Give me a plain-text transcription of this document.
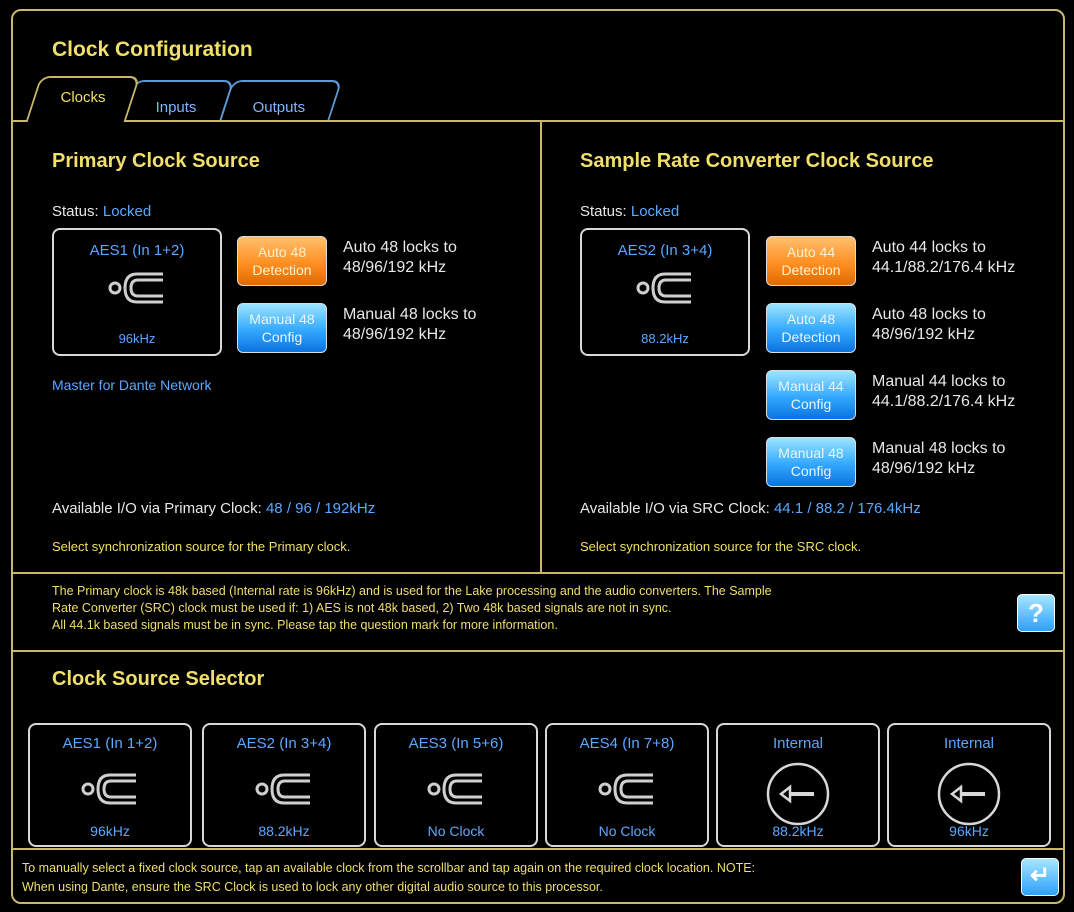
Clock Configuration
Inputs	Outputs
Clocks
Primary Clock Source
Status: Locked
AES1 (In 1+2)
96kHz
Auto 48
Detection
Auto 48 locks to
48/96/192 kHz
Manual 48
Config
Manual 48 locks to
48/96/192 kHz
Master for Dante Network
Available I/O via Primary Clock: 48 / 96 / 192kHz
Select synchronization source for the Primary clock.
Sample Rate Converter Clock Source
Status: Locked
AES2 (In 3+4)
88.2kHz
Auto 44
Detection
Auto 44 locks to
44.1/88.2/176.4 kHz
Auto 48
Detection
Auto 48 locks to
48/96/192 kHz
Manual 44
Config
Manual 44 locks to
44.1/88.2/176.4 kHz
Manual 48
Config
Manual 48 locks to
48/96/192 kHz
Available I/O via SRC Clock: 44.1 / 88.2 / 176.4kHz
Select synchronization source for the SRC clock.
The Primary clock is 48k based (Internal rate is 96kHz) and is used for the Lake processing and the audio converters. The Sample
Rate Converter (SRC) clock must be used if: 1) AES is not 48k based, 2) Two 48k based signals are not in sync.
All 44.1k based signals must be in sync. Please tap the question mark for more information.	?
Clock Source Selector
AES1 (In 1+2)
96kHz
AES2 (In 3+4)
88.2kHz
AES3 (In 5+6)
No Clock
AES4 (In 7+8)
No Clock
Internal
88.2kHz
Internal
96kHz
To manually select a fixed clock source, tap an available clock from the scrollbar and tap again on the required clock location. NOTE:
When using Dante, ensure the SRC Clock is used to lock any other digital audio source to this processor.	↵
